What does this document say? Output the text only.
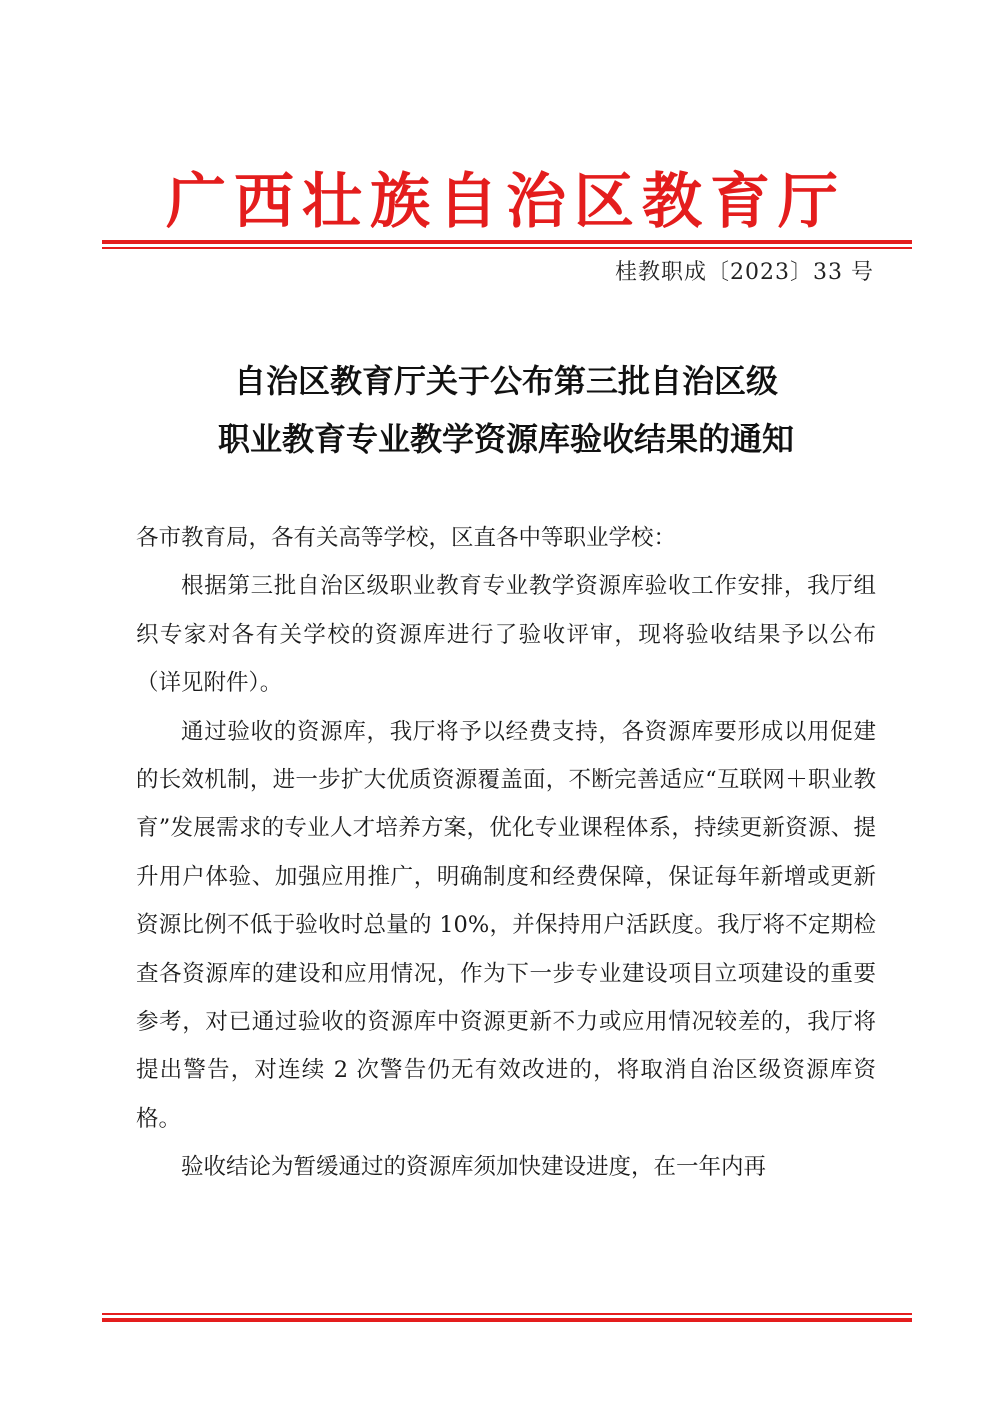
广西壮族自治区教育厅
桂教职成〔2023〕33 号
自治区教育厅关于公布第三批自治区级
职业教育专业教学资源库验收结果的通知

各市教育局，各有关高等学校，区直各中等职业学校：

根据第三批自治区级职业教育专业教学资源库验收工作安排，我厅组织专家对各有关学校的资源库进行了验收评审，现将验收结果予以公布（详见附件）。

通过验收的资源库，我厅将予以经费支持，各资源库要形成以用促建的长效机制，进一步扩大优质资源覆盖面，不断完善适应“互联网＋职业教育”发展需求的专业人才培养方案，优化专业课程体系，持续更新资源、提升用户体验、加强应用推广，明确制度和经费保障，保证每年新增或更新资源比例不低于验收时总量的 10%，并保持用户活跃度。我厅将不定期检查各资源库的建设和应用情况，作为下一步专业建设项目立项建设的重要参考，对已通过验收的资源库中资源更新不力或应用情况较差的，我厅将提出警告，对连续 2 次警告仍无有效改进的，将取消自治区级资源库资格。

验收结论为暂缓通过的资源库须加快建设进度，在一年内再
